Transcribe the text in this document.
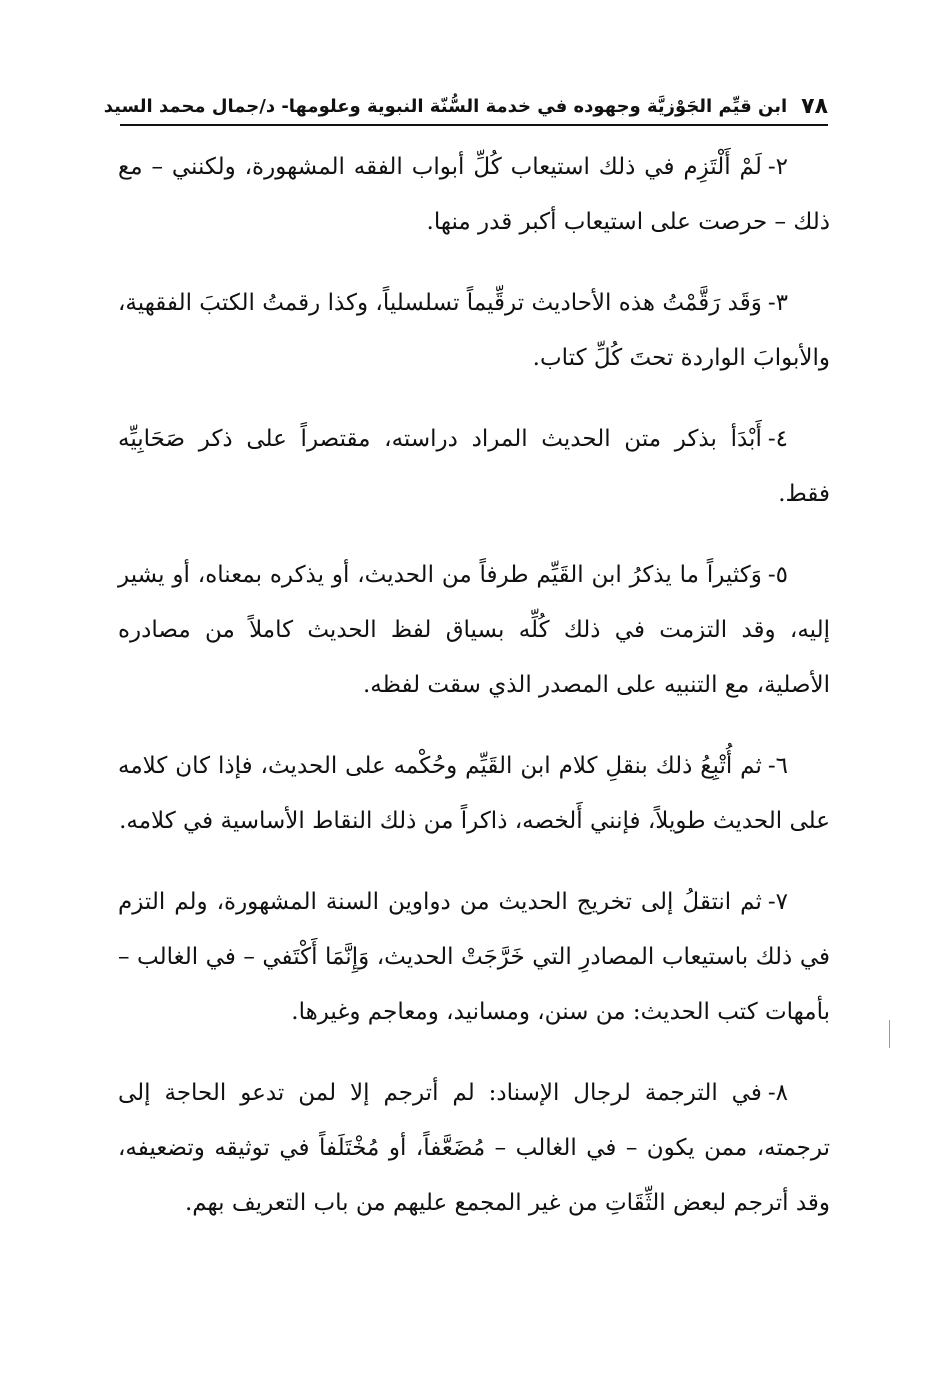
٧٨
ابن قيِّم الجَوْزيَّة وجهوده في خدمة السُّنّة النبوية وعلومها- د/جمال محمد السيد

٢-لَمْ أَلْتَزِم في ذلك استيعاب كُلِّ أبواب الفقه المشهورة، ولكنني – مع ذلك – حرصت على استيعاب أكبر قدر منها.

٣-وَقَد رَقَّمْتُ هذه الأحاديث ترقِّيماً تسلسلياً، وكذا رقمتُ الكتبَ الفقهية، والأبوابَ الواردة تحتَ كُلِّ كتاب.

٤-أَبْدَأ بذكر متن الحديث المراد دراسته، مقتصراً على ذكر صَحَابِيِّه فقط.

٥-وَكثيراً ما يذكرُ ابن القَيِّم طرفاً من الحديث، أو يذكره بمعناه، أو يشير إليه، وقد التزمت في ذلك كُلِّه بسياق لفظ الحديث كاملاً من مصادره الأصلية، مع التنبيه على المصدر الذي سقت لفظه.

٦-ثم أُتْبِعُ ذلك بنقلِ كلام ابن القَيِّم وحُكْمه على الحديث، فإذا كان كلامه على الحديث طويلاً، فإنني أَلخصه، ذاكراً من ذلك النقاط الأساسية في كلامه.

٧-ثم انتقلُ إلى تخريج الحديث من دواوين السنة المشهورة، ولم التزم في ذلك باستيعاب المصادرِ التي خَرَّجَتْ الحديث، وَإِنَّمَا أَكْتَفي – في الغالب – بأمهات كتب الحديث: من سنن، ومسانيد، ومعاجم وغيرها.

٨-في الترجمة لرجال الإسناد: لم أترجم إلا لمن تدعو الحاجة إلى ترجمته، ممن يكون – في الغالب – مُضَعَّفاً، أو مُخْتَلَفاً في توثيقه وتضعيفه، وقد أترجم لبعض الثِّقَاتِ من غير المجمع عليهم من باب التعريف بهم.
